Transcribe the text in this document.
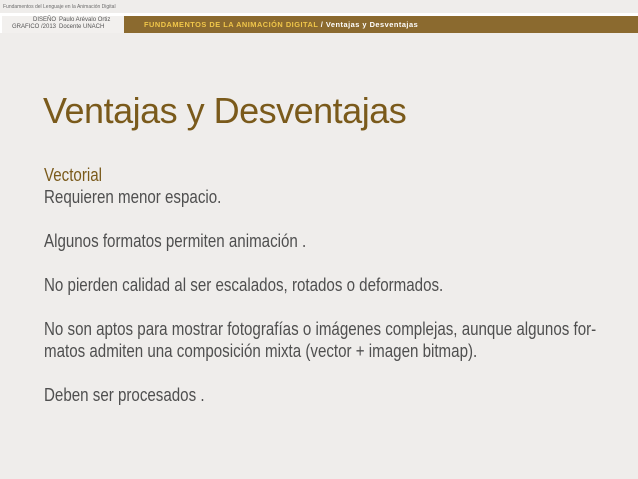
Fundamentos del Lenguaje en la Animación Digital
DISEÑO
GRAFICO /2013
Paulo Arévalo Ortiz
Docente UNACH	FUNDAMENTOS DE LA ANIMACIÓN DIGITAL / Ventajas y Desventajas
Ventajas y Desventajas

Vectorial

Requieren menor espacio.

Algunos formatos permiten animación .

No pierden calidad al ser escalados, rotados o deformados.

No son aptos para mostrar fotografías o imágenes complejas, aunque algunos for-

matos admiten una composición mixta (vector + imagen bitmap).

Deben ser procesados .
